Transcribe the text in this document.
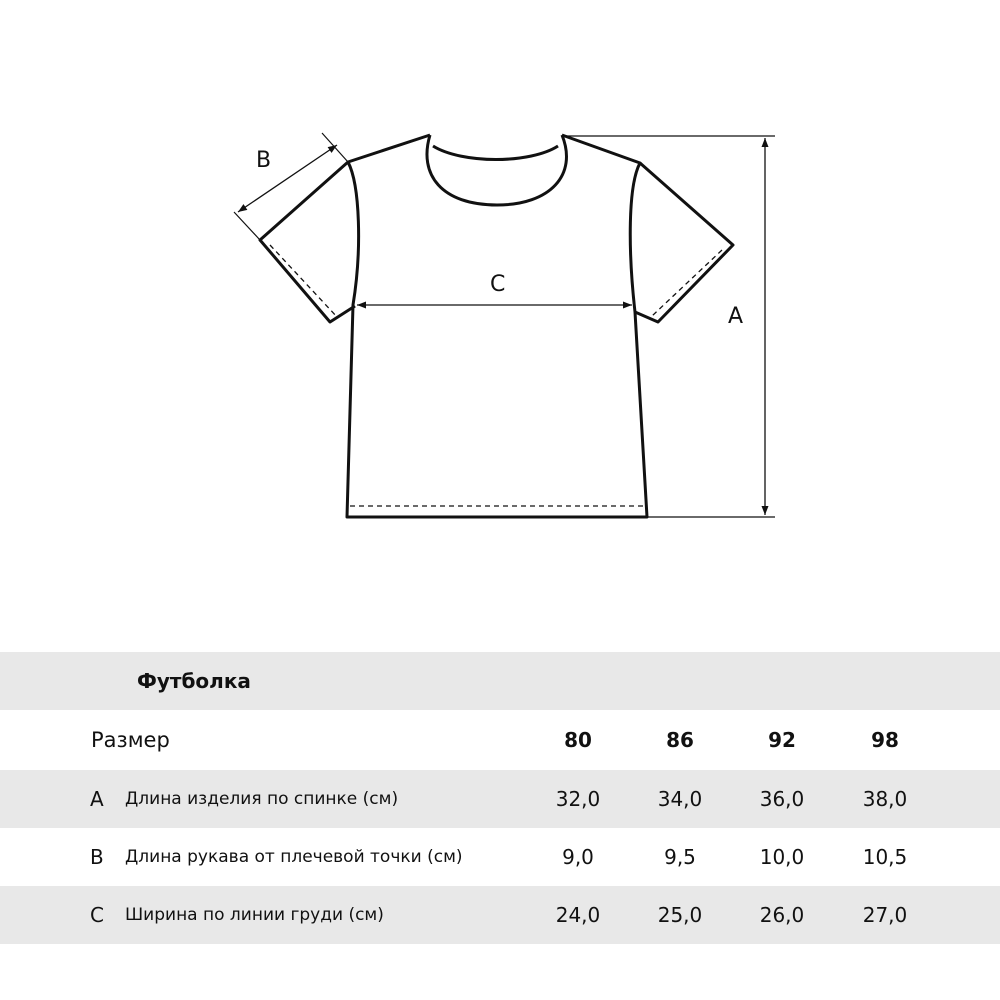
A
B
C
Футболка
Размер	80	86	92	98
A Длина изделия по спинке (см)	32,0	34,0	36,0	38,0
B Длина рукава от плечевой точки (см)	9,0	9,5	10,0	10,5
C Ширина по линии груди (см)	24,0	25,0	26,0	27,0
